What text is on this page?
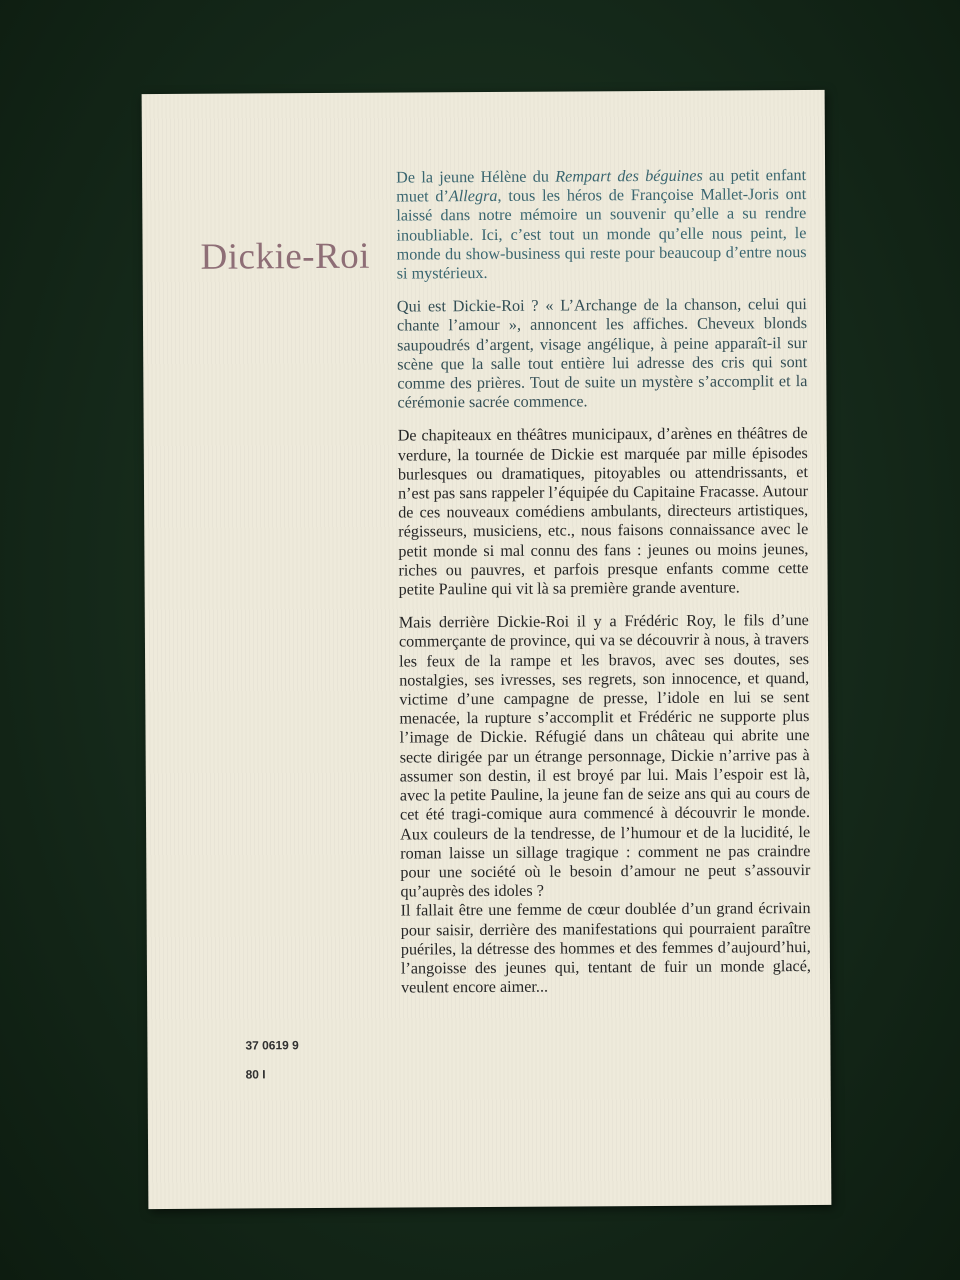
Dickie-Roi

De la jeune Hélène du Rempart des béguines au petit enfant muet d’Allegra, tous les héros de Françoise Mallet-Joris ont laissé dans notre mémoire un souvenir qu’elle a su rendre inoubliable. Ici, c’est tout un monde qu’elle nous peint, le monde du show-business qui reste pour beaucoup d’entre nous si mystérieux.

Qui est Dickie-Roi ? « L’Archange de la chanson, celui qui chante l’amour », annoncent les affiches. Cheveux blonds saupoudrés d’argent, visage angélique, à peine apparaît-il sur scène que la salle tout entière lui adresse des cris qui sont comme des prières. Tout de suite un mystère s’accomplit et la cérémonie sacrée commence.

De chapiteaux en théâtres municipaux, d’arènes en théâtres de verdure, la tournée de Dickie est marquée par mille épisodes burlesques ou dramatiques, pitoyables ou attendrissants, et n’est pas sans rappeler l’équipée du Capitaine Fracasse. Autour de ces nouveaux comédiens ambulants, directeurs artistiques, régisseurs, musiciens, etc., nous faisons connaissance avec le petit monde si mal connu des fans : jeunes ou moins jeunes, riches ou pauvres, et parfois presque enfants comme cette petite Pauline qui vit là sa première grande aventure.

Mais derrière Dickie-Roi il y a Frédéric Roy, le fils d’une commerçante de province, qui va se découvrir à nous, à travers les feux de la rampe et les bravos, avec ses doutes, ses nostalgies, ses ivresses, ses regrets, son innocence, et quand, victime d’une campagne de presse, l’idole en lui se sent menacée, la rupture s’accomplit et Frédéric ne supporte plus l’image de Dickie. Réfugié dans un château qui abrite une secte dirigée par un étrange personnage, Dickie n’arrive pas à assumer son destin, il est broyé par lui. Mais l’espoir est là, avec la petite Pauline, la jeune fan de seize ans qui au cours de cet été tragi-comique aura commencé à découvrir le monde. Aux couleurs de la tendresse, de l’humour et de la lucidité, le roman laisse un sillage tragique : comment ne pas craindre pour une société où le besoin d’amour ne peut s’assouvir qu’auprès des idoles ?

Il fallait être une femme de cœur doublée d’un grand écrivain pour saisir, derrière des manifestations qui pourraient paraître puériles, la détresse des hommes et des femmes d’aujourd’hui, l’angoisse des jeunes qui, tentant de fuir un monde glacé, veulent encore aimer...

37 0619 9
80 I
